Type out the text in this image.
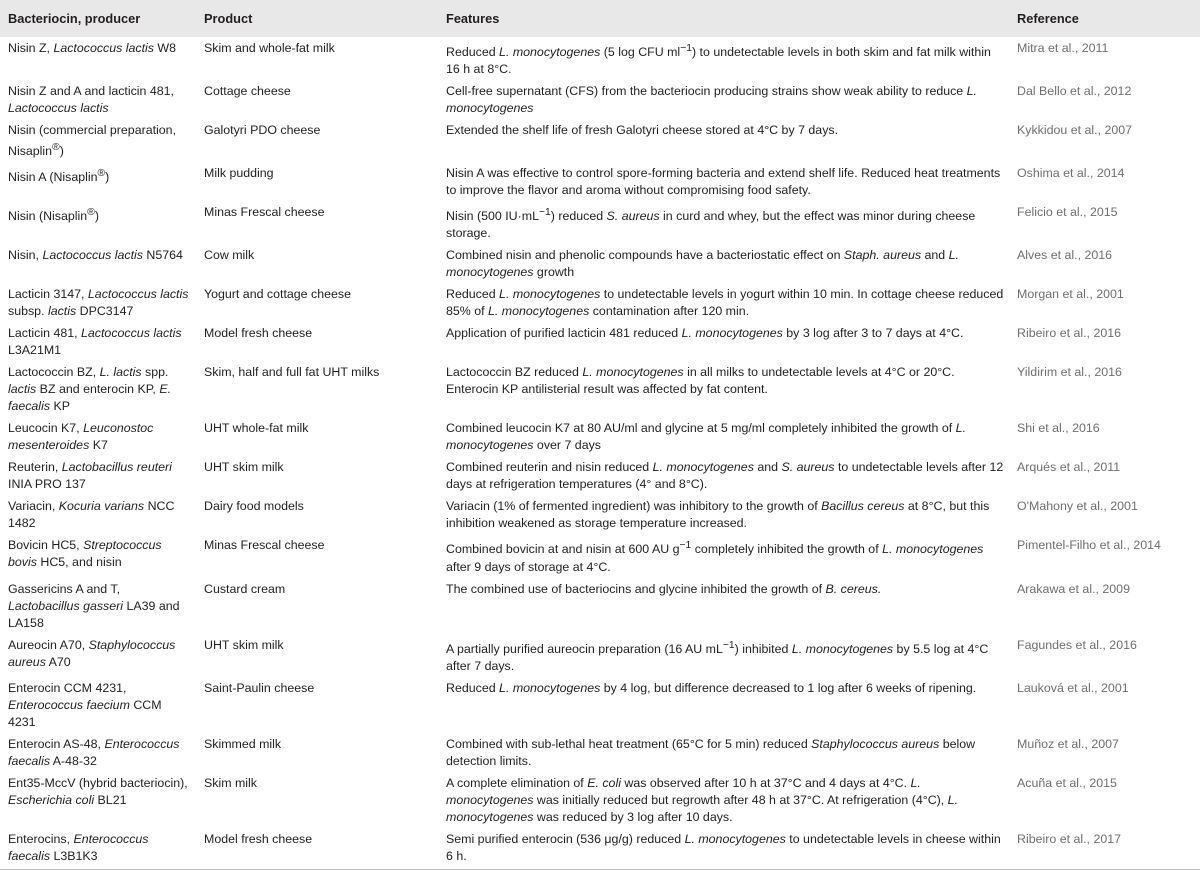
Bacteriocin, producer	Product	Features	Reference
Nisin Z, Lactococcus lactis W8	Skim and whole-fat milk	Reduced L. monocytogenes (5 log CFU $ml^{-1}$) to undetectable levels in both skim and fat milk within 16 h at 8°C.	Mitra et al., 2011
Nisin Z and A and lacticin 481, Lactococcus lactis	Cottage cheese	Cell-free supernatant (CFS) from the bacteriocin producing strains show weak ability to reduce L. monocytogenes	Dal Bello et al., 2012
Nisin (commercial preparation, Nisaplin®)	Galotyri PDO cheese	Extended the shelf life of fresh Galotyri cheese stored at 4°C by 7 days.	Kykkidou et al., 2007
Nisin A (Nisaplin®)	Milk pudding	Nisin A was effective to control spore-forming bacteria and extend shelf life. Reduced heat treatments to improve the flavor and aroma without compromising food safety.	Oshima et al., 2014
Nisin (Nisaplin®)	Minas Frescal cheese	Nisin (500 $IU\cdot mL^{-1}$) reduced S. aureus in curd and whey, but the effect was minor during cheese storage.	Felicio et al., 2015
Nisin, Lactococcus lactis N5764	Cow milk	Combined nisin and phenolic compounds have a bacteriostatic effect on Staph. aureus and L. monocytogenes growth	Alves et al., 2016
Lacticin 3147, Lactococcus lactis subsp. lactis DPC3147	Yogurt and cottage cheese	Reduced L. monocytogenes to undetectable levels in yogurt within 10 min. In cottage cheese reduced 85% of L. monocytogenes contamination after 120 min.	Morgan et al., 2001
Lacticin 481, Lactococcus lactis L3A21M1	Model fresh cheese	Application of purified lacticin 481 reduced L. monocytogenes by 3 log after 3 to 7 days at 4°C.	Ribeiro et al., 2016
Lactococcin BZ, L. lactis spp. lactis BZ and enterocin KP, E. faecalis KP	Skim, half and full fat UHT milks	Lactococcin BZ reduced L. monocytogenes in all milks to undetectable levels at 4°C or 20°C. Enterocin KP antilisterial result was affected by fat content.	Yildirim et al., 2016
Leucocin K7, Leuconostoc mesenteroides K7	UHT whole-fat milk	Combined leucocin K7 at 80 AU/ml and glycine at 5 mg/ml completely inhibited the growth of L. monocytogenes over 7 days	Shi et al., 2016
Reuterin, Lactobacillus reuteri INIA PRO 137	UHT skim milk	Combined reuterin and nisin reduced L. monocytogenes and S. aureus to undetectable levels after 12 days at refrigeration temperatures (4° and 8°C).	Arqués et al., 2011
Variacin, Kocuria varians NCC 1482	Dairy food models	Variacin (1% of fermented ingredient) was inhibitory to the growth of Bacillus cereus at 8°C, but this inhibition weakened as storage temperature increased.	O'Mahony et al., 2001
Bovicin HC5, Streptococcus bovis HC5, and nisin	Minas Frescal cheese	Combined bovicin at and nisin at 600 AU $g^{-1}$ completely inhibited the growth of L. monocytogenes after 9 days of storage at 4°C.	Pimentel-Filho et al., 2014
Gassericins A and T, Lactobacillus gasseri LA39 and LA158	Custard cream	The combined use of bacteriocins and glycine inhibited the growth of B. cereus.	Arakawa et al., 2009
Aureocin A70, Staphylococcus aureus A70	UHT skim milk	A partially purified aureocin preparation (16 AU $mL^{-1}$) inhibited L. monocytogenes by 5.5 log at 4°C after 7 days.	Fagundes et al., 2016
Enterocin CCM 4231, Enterococcus faecium CCM 4231	Saint-Paulin cheese	Reduced L. monocytogenes by 4 log, but difference decreased to 1 log after 6 weeks of ripening.	Lauková et al., 2001
Enterocin AS-48, Enterococcus faecalis A-48-32	Skimmed milk	Combined with sub-lethal heat treatment (65°C for 5 min) reduced Staphylococcus aureus below detection limits.	Muñoz et al., 2007
Ent35-MccV (hybrid bacteriocin), Escherichia coli BL21	Skim milk	A complete elimination of E. coli was observed after 10 h at 37°C and 4 days at 4°C. L. monocytogenes was initially reduced but regrowth after 48 h at 37°C. At refrigeration (4°C), L. monocytogenes was reduced by 3 log after 10 days.	Acuña et al., 2015
Enterocins, Enterococcus faecalis L3B1K3	Model fresh cheese	Semi purified enterocin (536 μg/g) reduced L. monocytogenes to undetectable levels in cheese within 6 h.	Ribeiro et al., 2017
